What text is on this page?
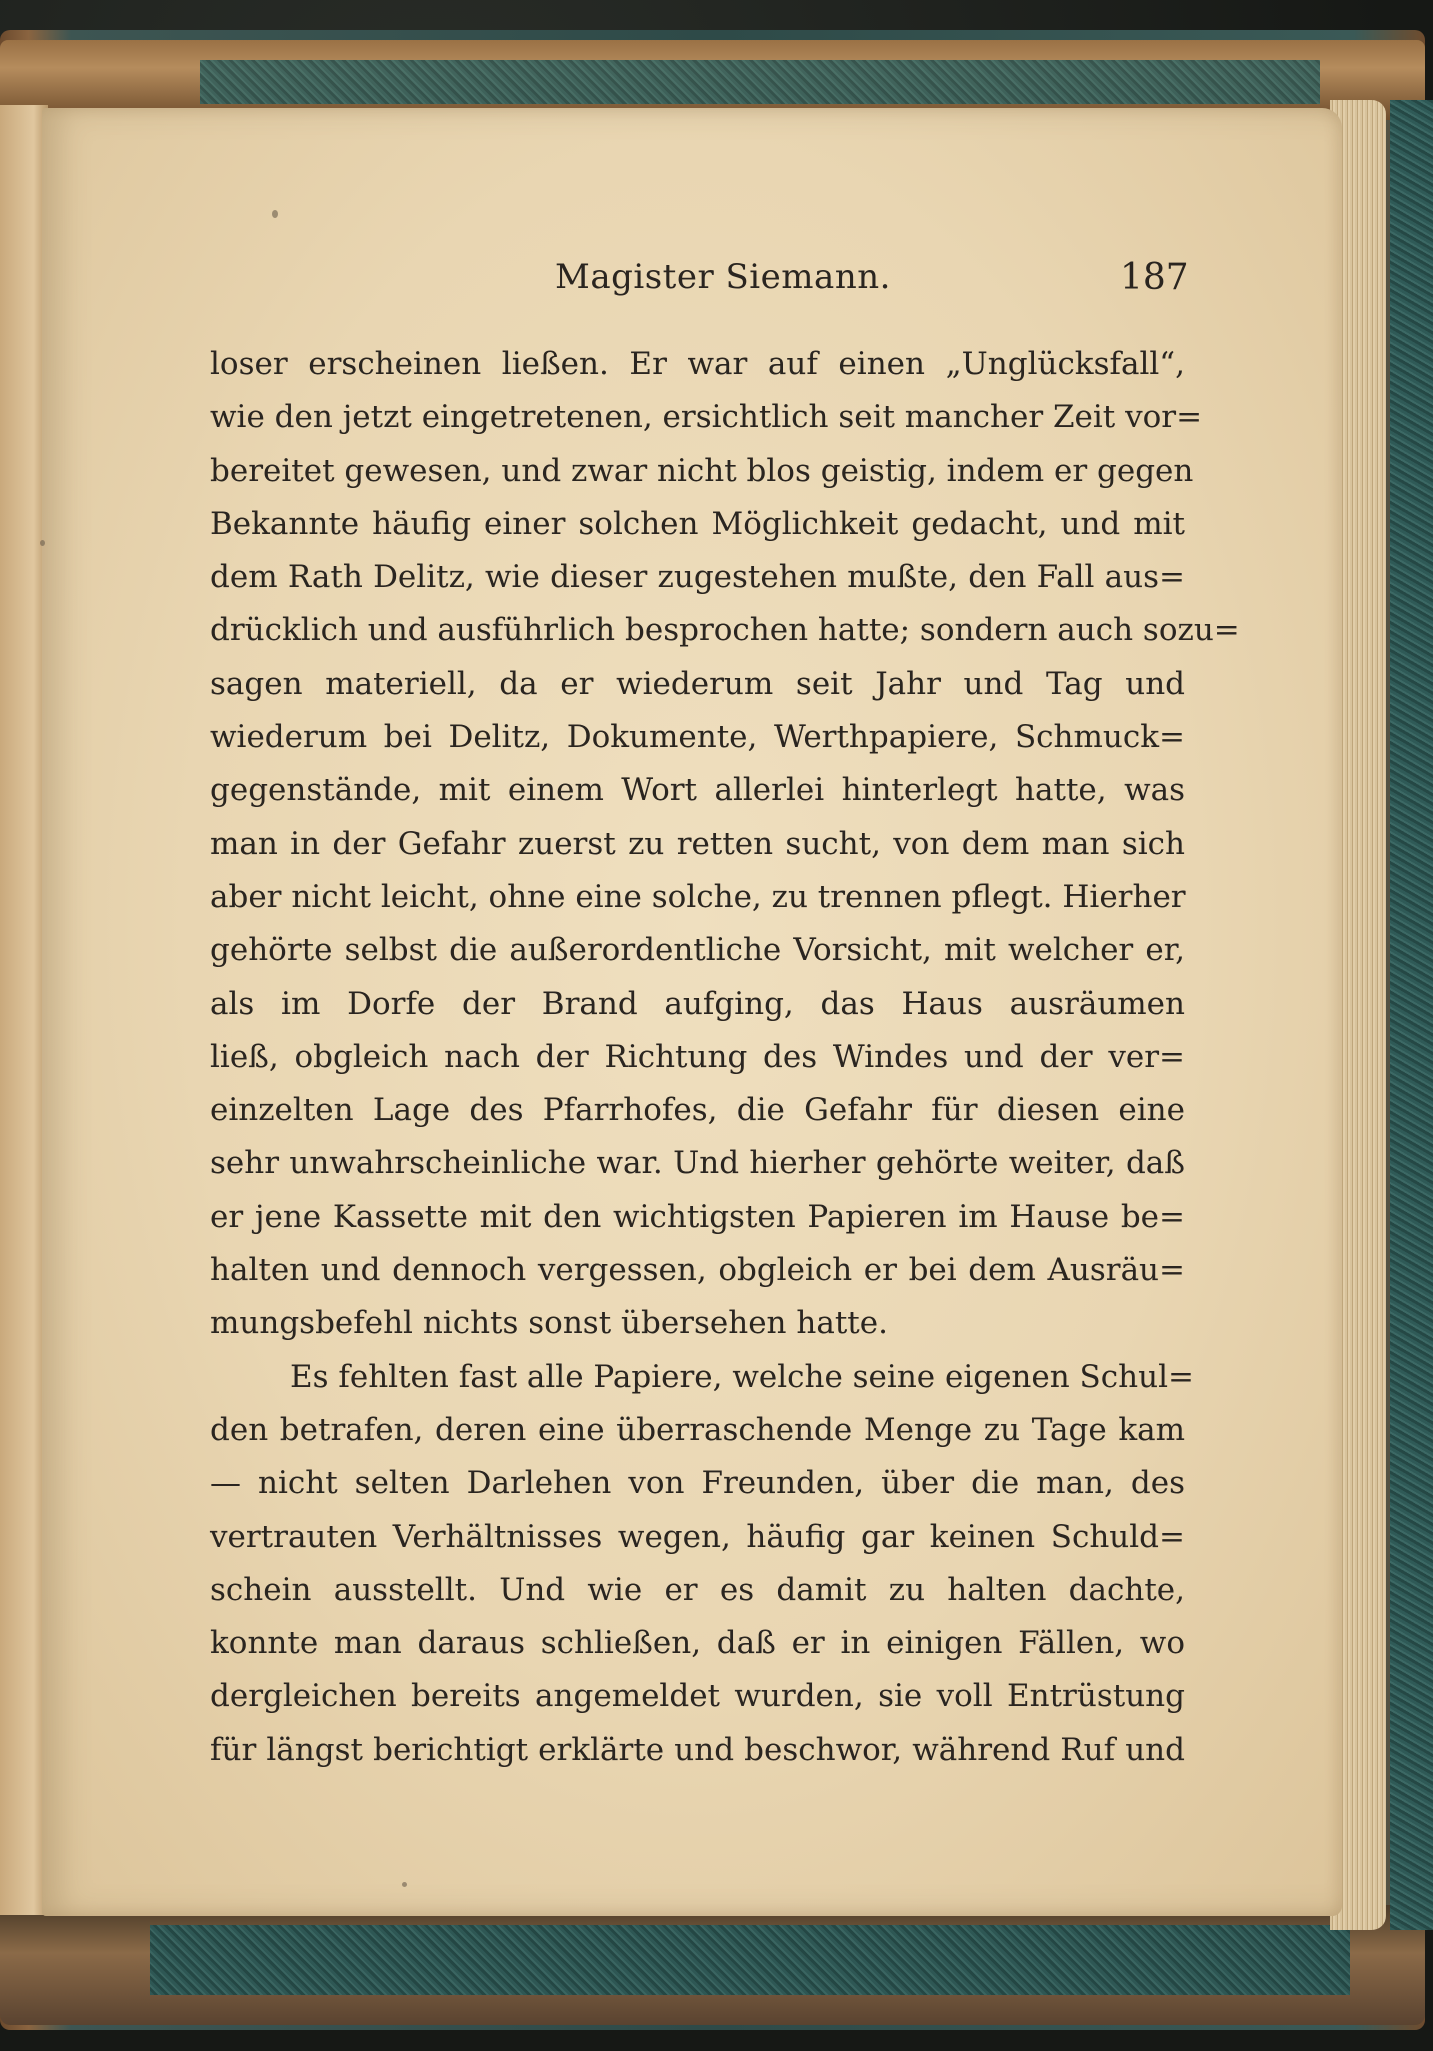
Magister Siemann.	187
loser erscheinen ließen. Er war auf einen „Unglücksfall“,
wie den jetzt eingetretenen, ersichtlich seit mancher Zeit vor=
bereitet gewesen, und zwar nicht blos geistig, indem er gegen
Bekannte häufig einer solchen Möglichkeit gedacht, und mit
dem Rath Delitz, wie dieser zugestehen mußte, den Fall aus=
drücklich und ausführlich besprochen hatte; sondern auch sozu=
sagen materiell, da er wiederum seit Jahr und Tag und
wiederum bei Delitz, Dokumente, Werthpapiere, Schmuck=
gegenstände, mit einem Wort allerlei hinterlegt hatte, was
man in der Gefahr zuerst zu retten sucht, von dem man sich
aber nicht leicht, ohne eine solche, zu trennen pflegt. Hierher
gehörte selbst die außerordentliche Vorsicht, mit welcher er,
als im Dorfe der Brand aufging, das Haus ausräumen
ließ, obgleich nach der Richtung des Windes und der ver=
einzelten Lage des Pfarrhofes, die Gefahr für diesen eine
sehr unwahrscheinliche war. Und hierher gehörte weiter, daß
er jene Kassette mit den wichtigsten Papieren im Hause be=
halten und dennoch vergessen, obgleich er bei dem Ausräu=
mungsbefehl nichts sonst übersehen hatte.
Es fehlten fast alle Papiere, welche seine eigenen Schul=
den betrafen, deren eine überraschende Menge zu Tage kam
— nicht selten Darlehen von Freunden, über die man, des
vertrauten Verhältnisses wegen, häufig gar keinen Schuld=
schein ausstellt. Und wie er es damit zu halten dachte,
konnte man daraus schließen, daß er in einigen Fällen, wo
dergleichen bereits angemeldet wurden, sie voll Entrüstung
für längst berichtigt erklärte und beschwor, während Ruf und
